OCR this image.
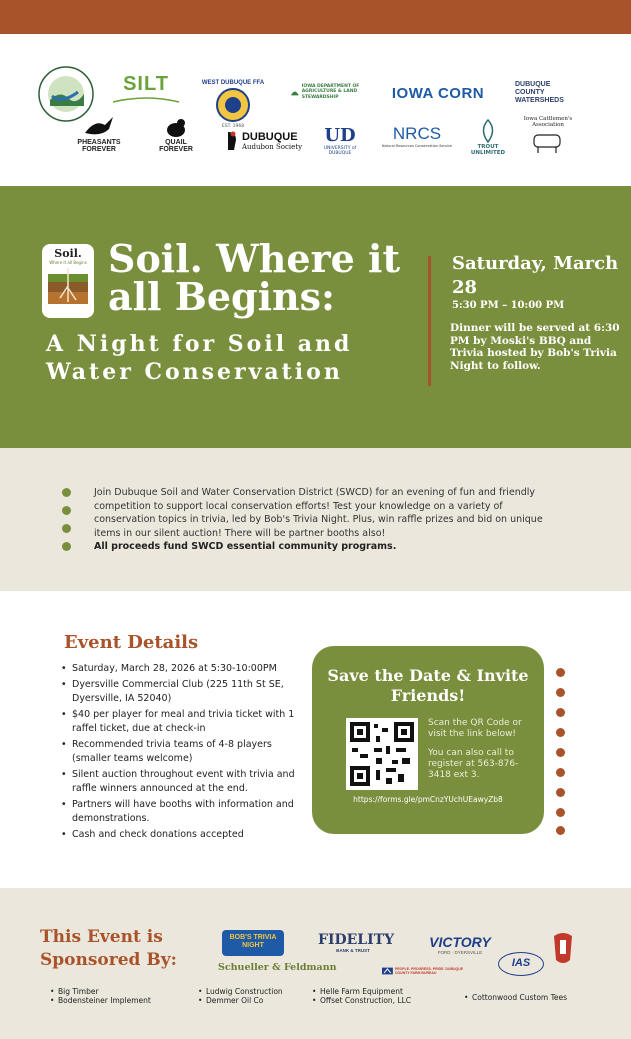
SILT	WEST DUBUQUE FFA
EST. 1968
IOWA DEPARTMENT OF AGRICULTURE & LAND STEWARDSHIP	IOWA CORN	DUBUQUE COUNTY WATERSHEDS
PHEASANTS FOREVER
QUAIL FOREVER
DUBUQUE
Audubon Society
UD
UNIVERSITY of DUBUQUE
NRCS
Natural Resources Conservation Service	TROUT UNLIMITED
Iowa Cattlemen's Association
Soil.
Where it all Begins Soil. Where it all Begins:
A Night for Soil and Water Conservation
Saturday, March 28
5:30 PM – 10:00 PM
Dinner will be served at 6:30 PM by Moski's BBQ and Trivia hosted by Bob's Trivia Night to follow.
Join Dubuque Soil and Water Conservation District (SWCD) for an evening of fun and friendly competition to support local conservation efforts! Test your knowledge on a variety of conservation topics in trivia, led by Bob's Trivia Night. Plus, win raffle prizes and bid on unique items in our silent auction! There will be partner booths also!
All proceeds fund SWCD essential community programs.
Event Details
• Saturday, March 28, 2026 at 5:30-10:00PM
• Dyersville Commercial Club (225 11th St SE, Dyersville, IA 52040)
• $40 per player for meal and trivia ticket with 1 raffel ticket, due at check-in
• Recommended trivia teams of 4-8 players (smaller teams welcome)
• Silent auction throughout event with trivia and raffle winners announced at the end.
• Partners will have booths with information and demonstrations.
• Cash and check donations accepted
Save the Date & Invite Friends!
Scan the QR Code or visit the link below!
You can also call to register at 563-876-3418 ext 3.
https://forms.gle/pmCnzYUchUEawyZb8
This Event is Sponsored By:
BOB'S TRIVIA NIGHT	FIDELITY
BANK & TRUST
VICTORY
FORD · DYERSVILLE
IAS
Schueller & Feldmann	PEOPLE. PROGRESS. PRIDE. DUBUQUE COUNTY FARM BUREAU
• Big Timber
• Bodensteiner Implement
• Ludwig Construction
• Demmer Oil Co
• Helle Farm Equipment
• Offset Construction, LLC
•	Cottonwood Custom Tees
